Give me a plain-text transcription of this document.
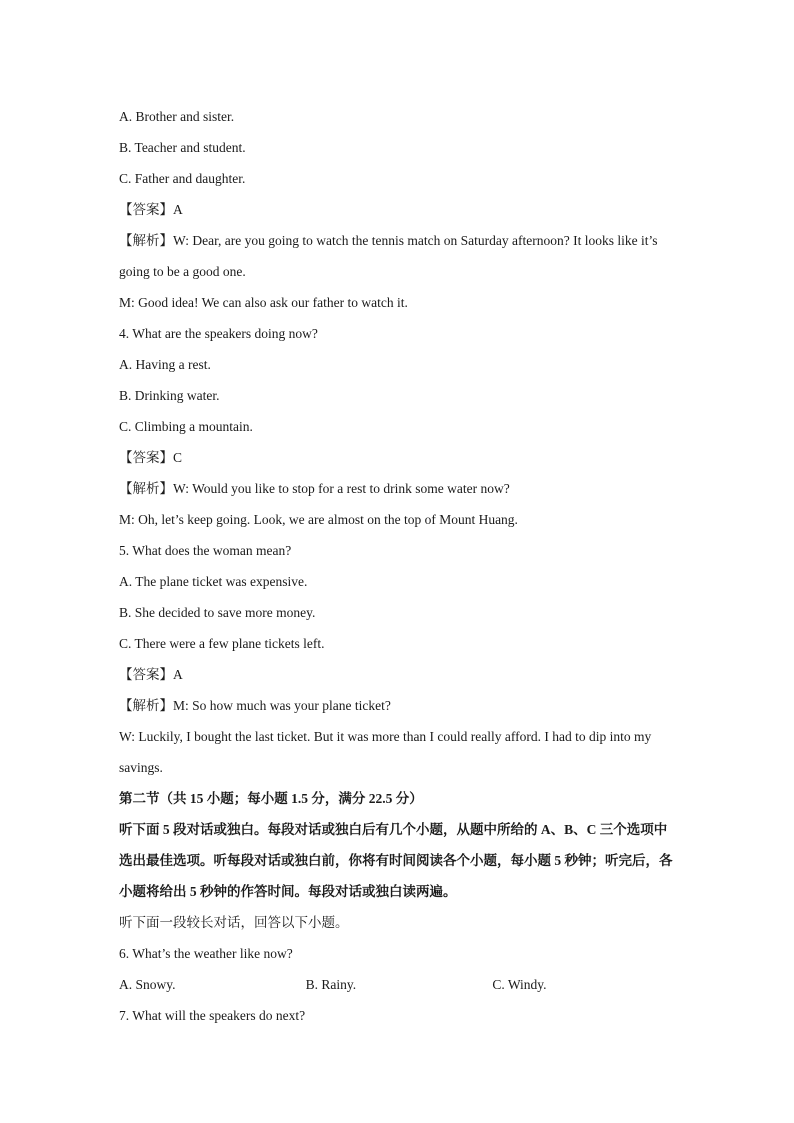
A. Brother and sister.
B. Teacher and student.
C. Father and daughter.
【答案】A
【解析】W: Dear, are you going to watch the tennis match on Saturday afternoon? It looks like it’s going to be a good one.
M: Good idea! We can also ask our father to watch it.
4. What are the speakers doing now?
A. Having a rest.
B. Drinking water.
C. Climbing a mountain.
【答案】C
【解析】W: Would you like to stop for a rest to drink some water now?
M: Oh, let’s keep going. Look, we are almost on the top of Mount Huang.
5. What does the woman mean?
A. The plane ticket was expensive.
B. She decided to save more money.
C. There were a few plane tickets left.
【答案】A
【解析】M: So how much was your plane ticket?
W: Luckily, I bought the last ticket. But it was more than I could really afford. I had to dip into my savings.
第二节（共 15 小题；每小题 1.5 分，满分 22.5 分）
听下面 5 段对话或独白。每段对话或独白后有几个小题，从题中所给的 A、B、C 三个选项中选出最佳选项。听每段对话或独白前，你将有时间阅读各个小题，每小题 5 秒钟；听完后，各小题将给出 5 秒钟的作答时间。每段对话或独白读两遍。
听下面一段较长对话，回答以下小题。
6. What’s the weather like now?
A. Snowy.	B. Rainy.	C. Windy.
7. What will the speakers do next?
